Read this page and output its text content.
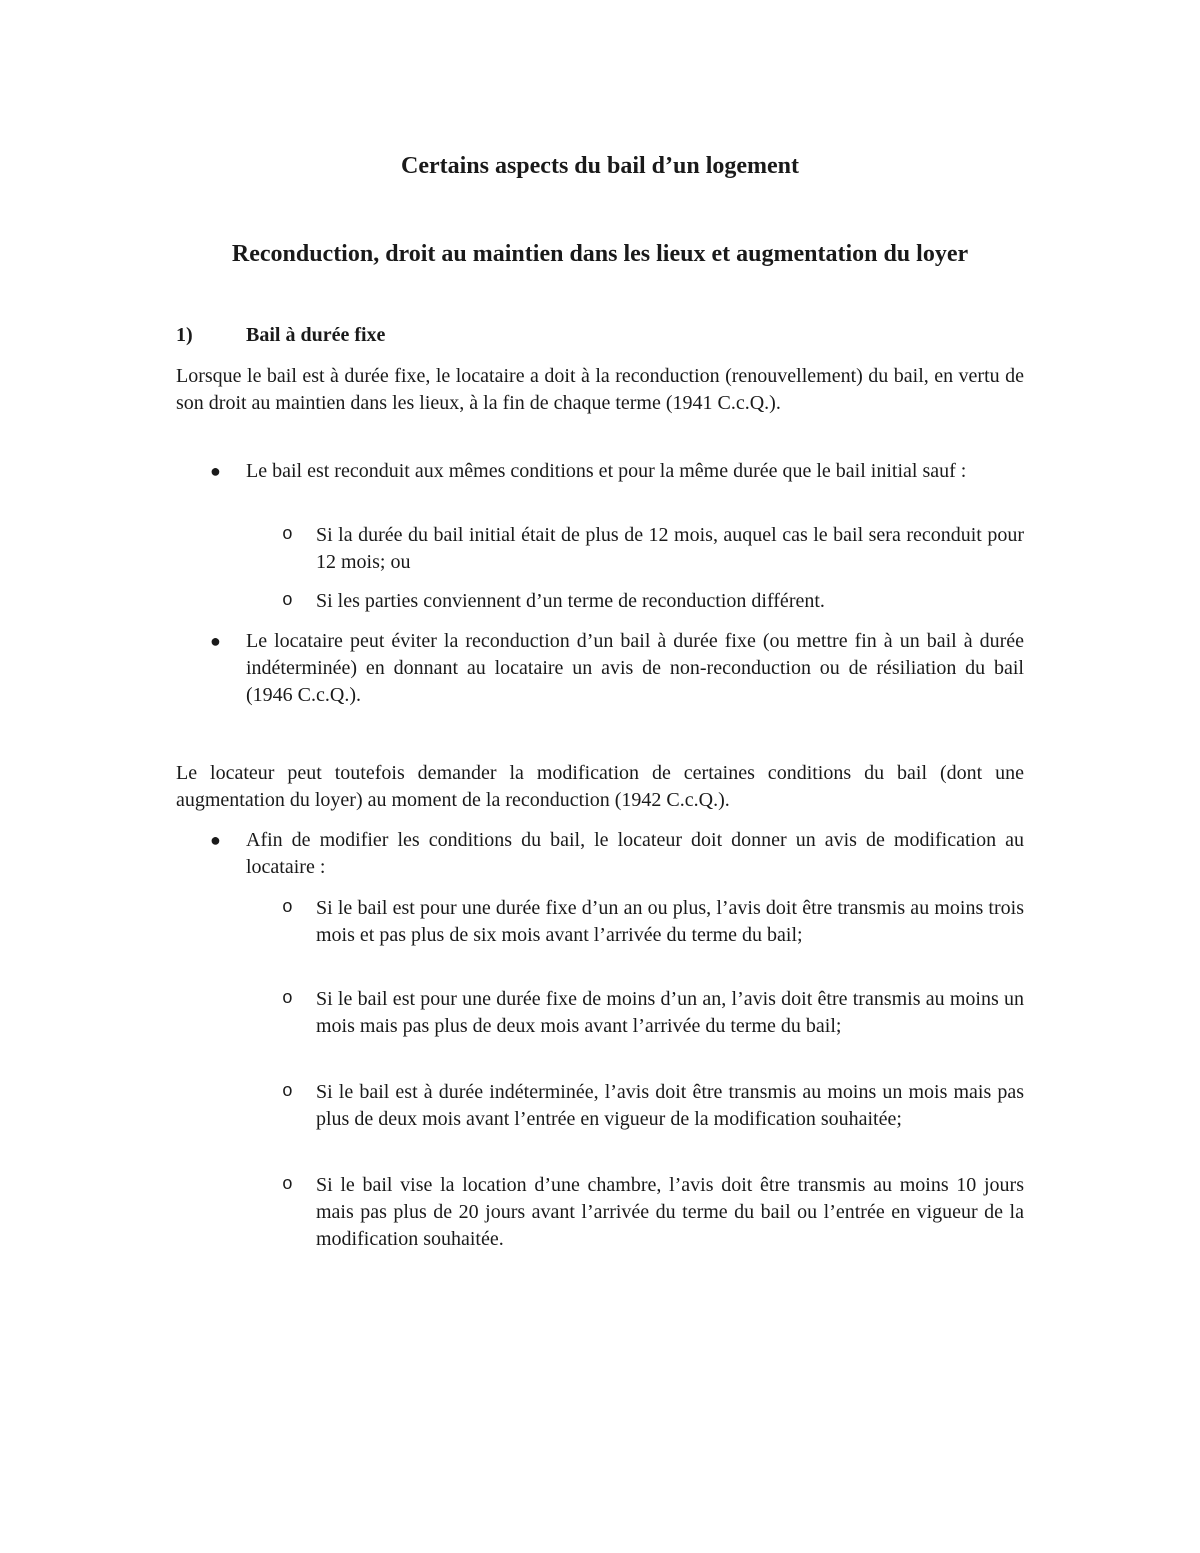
Certains aspects du bail d’un logement
Reconduction, droit au maintien dans les lieux et augmentation du loyer
1)	Bail à durée fixe

Lorsque le bail est à durée fixe, le locataire a doit à la reconduction (renouvellement) du bail, en vertu de son droit au maintien dans les lieux, à la fin de chaque terme (1941 C.c.Q.).

●	Le bail est reconduit aux mêmes conditions et pour la même durée que le bail initial sauf :
o	Si la durée du bail initial était de plus de 12 mois, auquel cas le bail sera reconduit pour 12 mois; ou
o	Si les parties conviennent d’un terme de reconduction différent.
●	Le locataire peut éviter la reconduction d’un bail à durée fixe (ou mettre fin à un bail à durée indéterminée) en donnant au locataire un avis de non-reconduction ou de résiliation du bail (1946 C.c.Q.).

Le locateur peut toutefois demander la modification de certaines conditions du bail (dont une augmentation du loyer) au moment de la reconduction (1942 C.c.Q.).

●	Afin de modifier les conditions du bail, le locateur doit donner un avis de modification au locataire :
o	Si le bail est pour une durée fixe d’un an ou plus, l’avis doit être transmis au moins trois mois et pas plus de six mois avant l’arrivée du terme du bail;
o	Si le bail est pour une durée fixe de moins d’un an, l’avis doit être transmis au moins un mois mais pas plus de deux mois avant l’arrivée du terme du bail;
o	Si le bail est à durée indéterminée, l’avis doit être transmis au moins un mois mais pas plus de deux mois avant l’entrée en vigueur de la modification souhaitée;
o	Si le bail vise la location d’une chambre, l’avis doit être transmis au moins 10 jours mais pas plus de 20 jours avant l’arrivée du terme du bail ou l’entrée en vigueur de la modification souhaitée.
